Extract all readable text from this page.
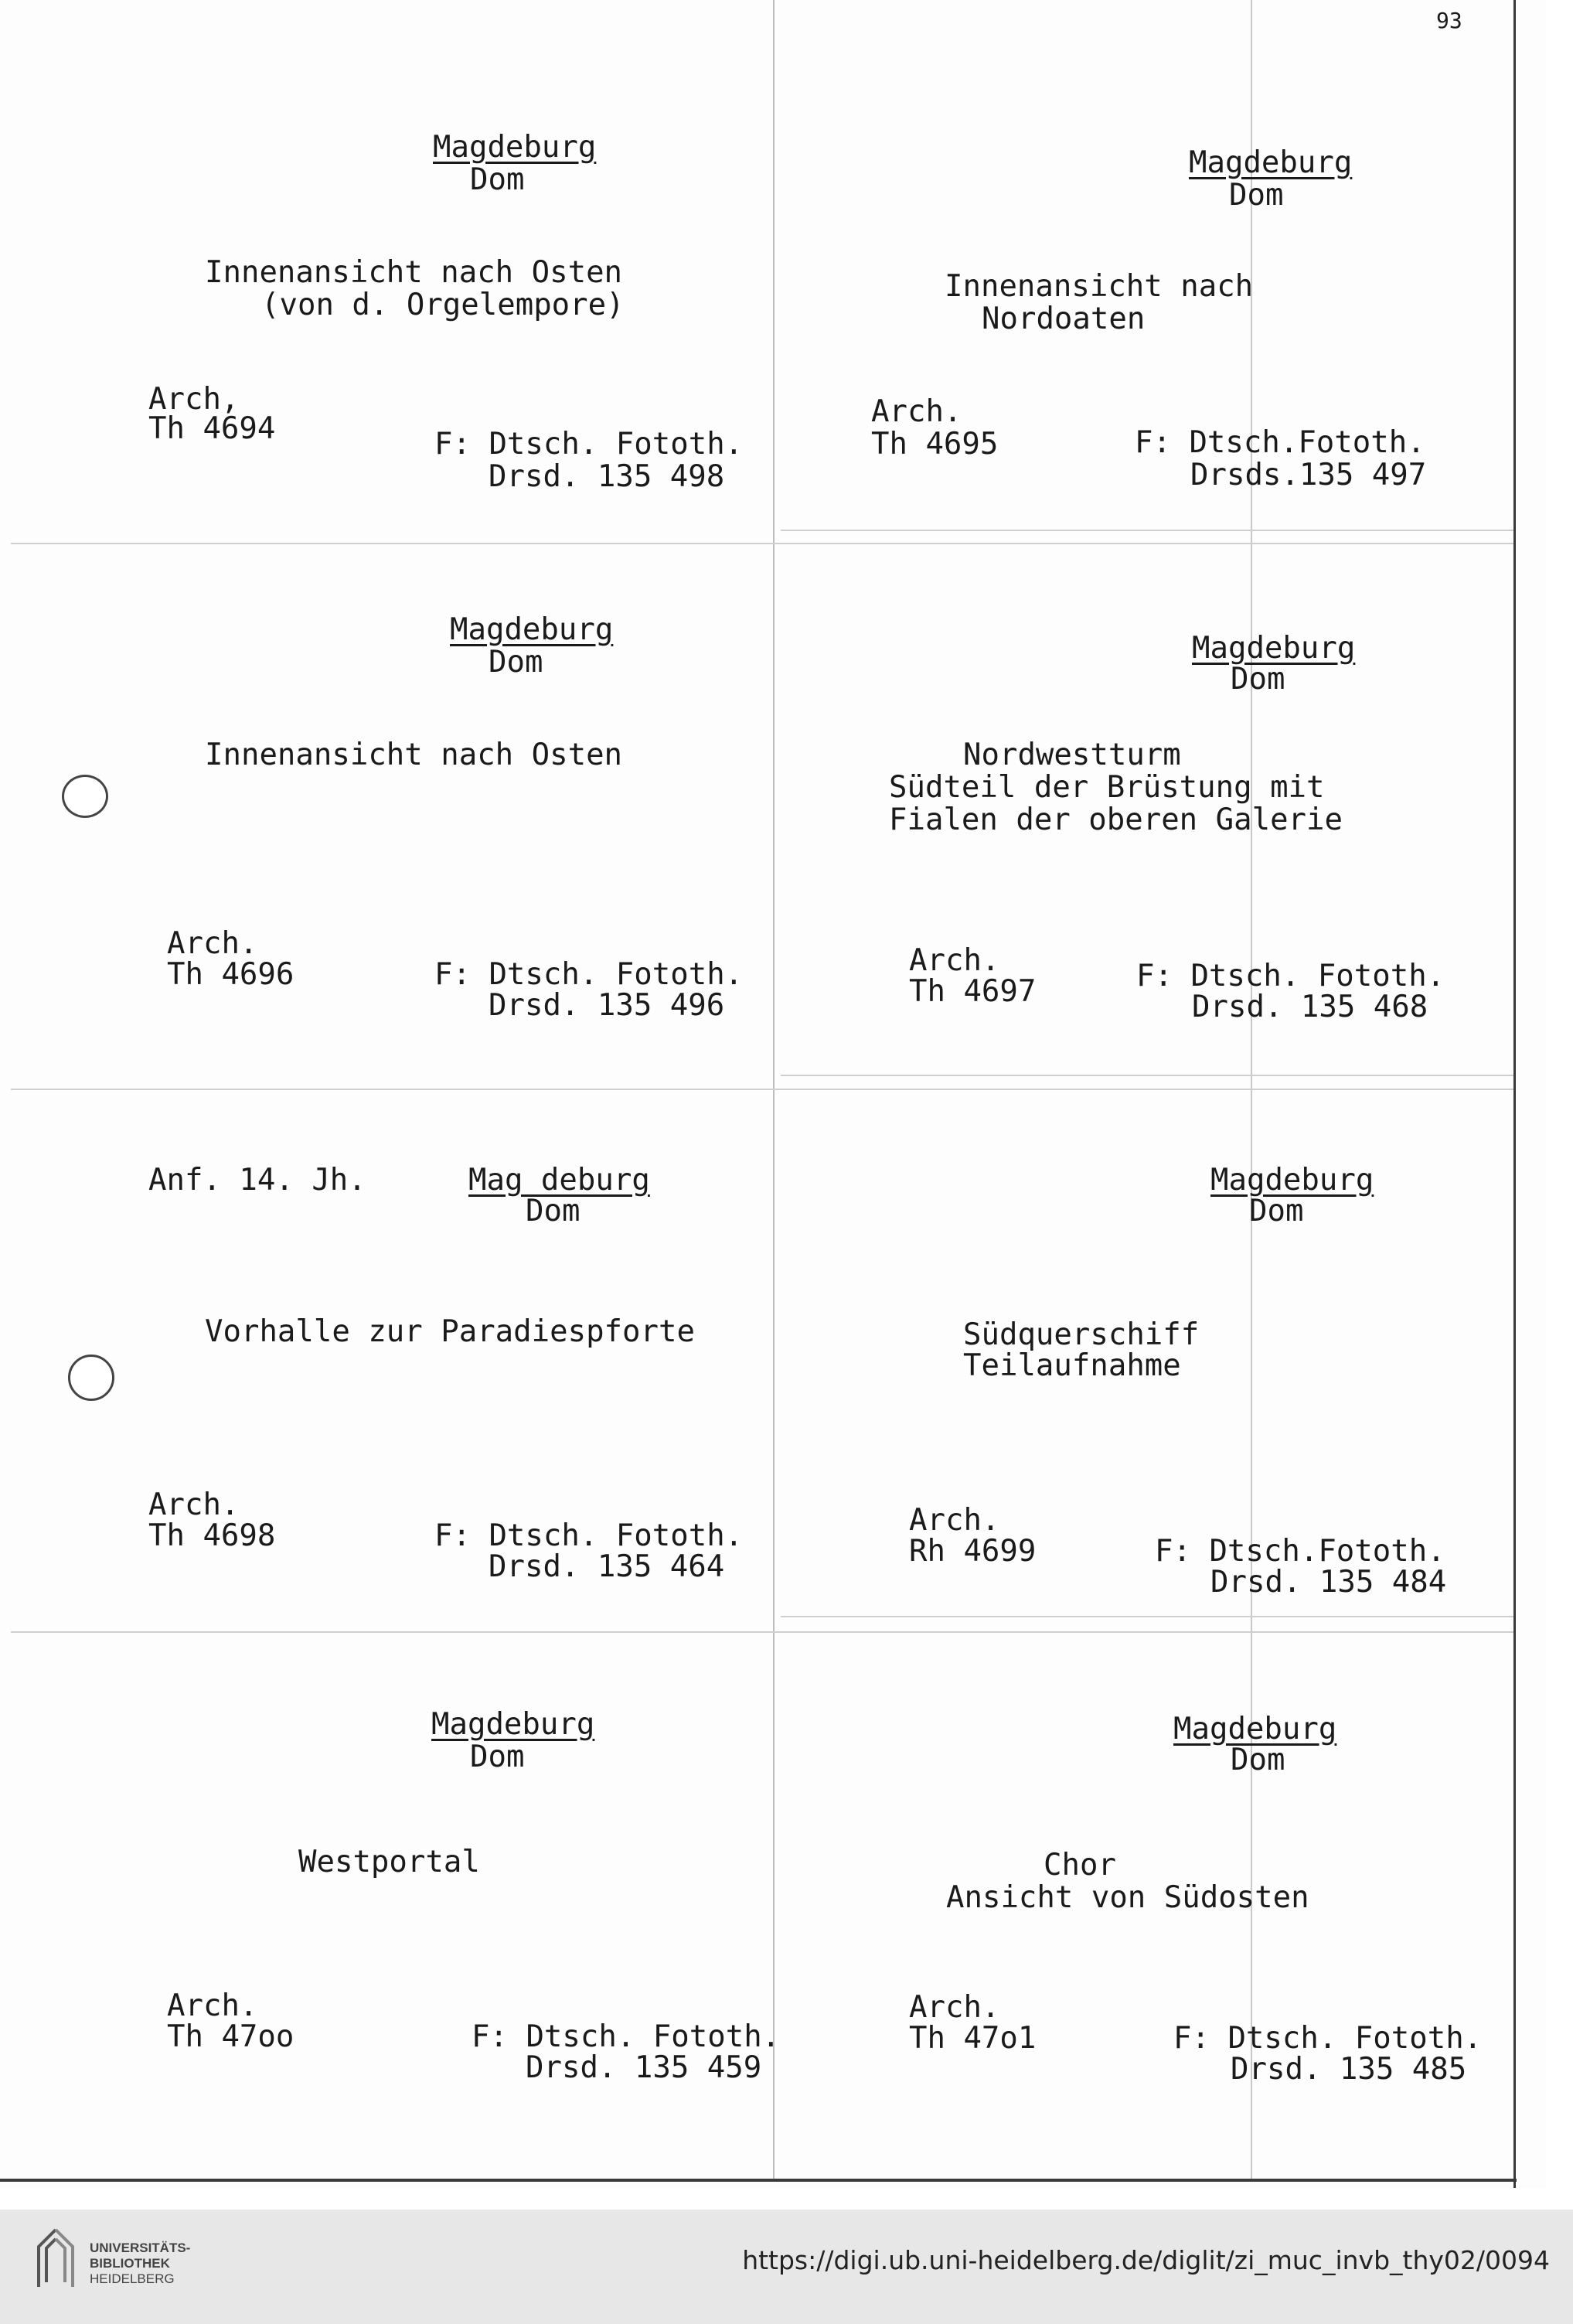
93
Magdeburg
Dom
Innenansicht nach Osten
(von d. Orgelempore)
Arch,
Th 4694	F: Dtsch. Fototh.
Drsd. 135 498
Magdeburg
Dom
Innenansicht nach
Nordoaten
Arch.
Th 4695	F: Dtsch.Fototh.
Drsds.135 497
Magdeburg
Dom
Innenansicht nach Osten
Arch.
Th 4696	F: Dtsch. Fototh.
Drsd. 135 496
Magdeburg
Dom
Nordwestturm
Südteil der Brüstung mit
Fialen der oberen Galerie
Arch.
Th 4697	F: Dtsch. Fototh.
Drsd. 135 468
Anf. 14. Jh.	Mag deburg
Dom
Vorhalle zur Paradiespforte
Arch.
Th 4698	F: Dtsch. Fototh.
Drsd. 135 464
Magdeburg
Dom
Südquerschiff
Teilaufnahme
Arch.
Rh 4699	F: Dtsch.Fototh.
Drsd. 135 484
Magdeburg
Dom
Westportal
Arch.
Th 47oo	F: Dtsch. Fototh.
Drsd. 135 459
Magdeburg
Dom
Chor
Ansicht von Südosten
Arch.
Th 47o1	F: Dtsch. Fototh.
Drsd. 135 485
UNIVERSITÄTS-
BIBLIOTHEK
HEIDELBERG
https://digi.ub.uni-heidelberg.de/diglit/zi_muc_invb_thy02/0094
